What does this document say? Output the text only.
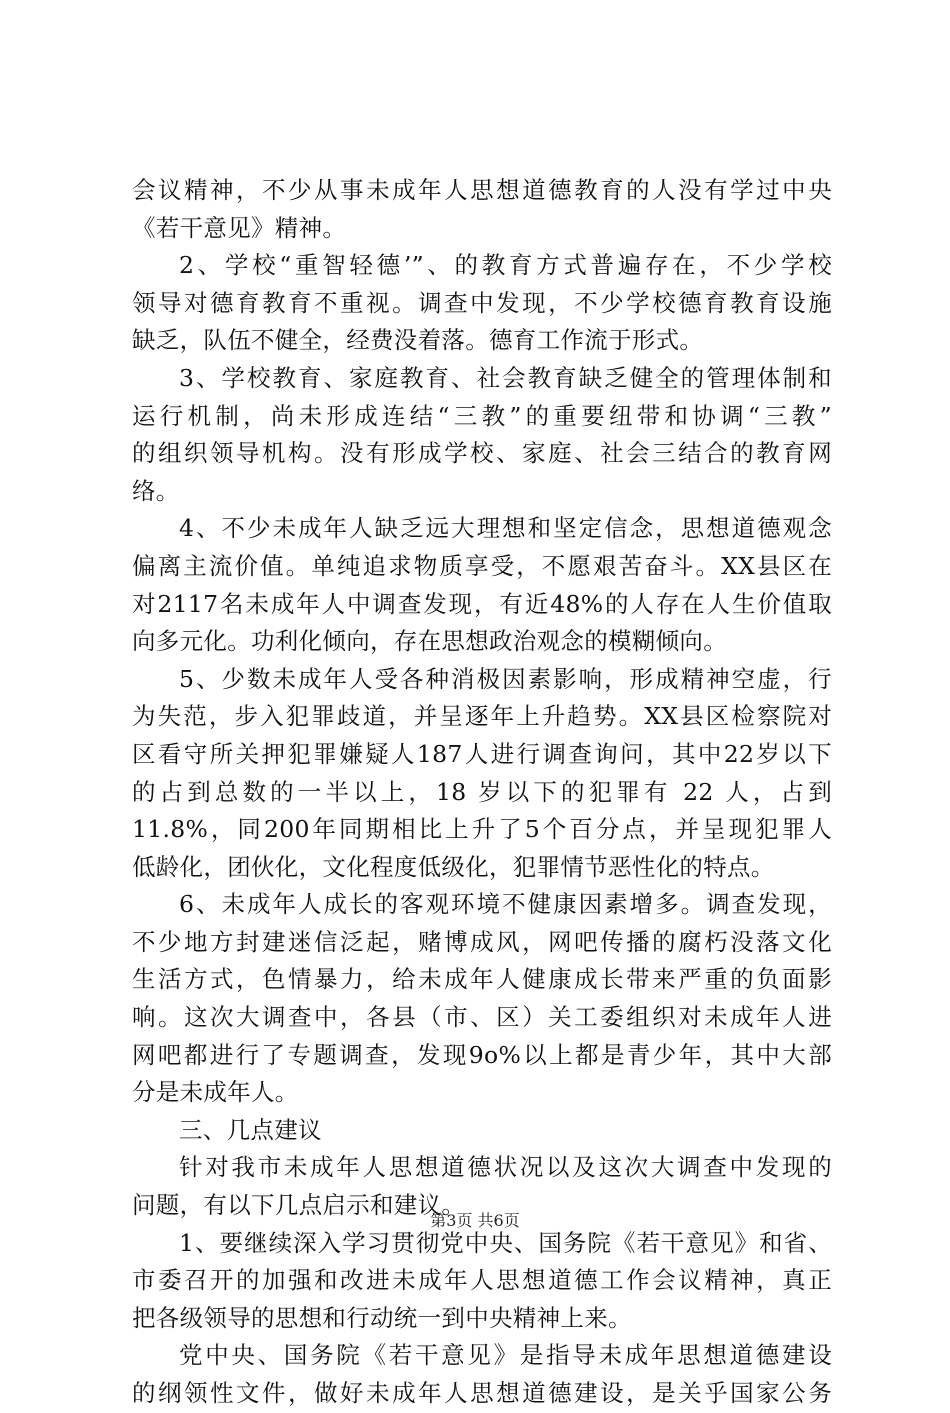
会议精神，不少从事未成年人思想道德教育的人没有学过中央
《若干意见》精神。
2、学校“重智轻德’”、的教育方式普遍存在，不少学校
领导对德育教育不重视。调查中发现，不少学校德育教育设施
缺乏，队伍不健全，经费没着落。德育工作流于形式。
3、学校教育、家庭教育、社会教育缺乏健全的管理体制和
运行机制，尚未形成连结“三教”的重要纽带和协调“三教”
的组织领导机构。没有形成学校、家庭、社会三结合的教育网
络。
4、不少未成年人缺乏远大理想和坚定信念，思想道德观念
偏离主流价值。单纯追求物质享受，不愿艰苦奋斗。XX县区在
对2117名未成年人中调查发现，有近48%的人存在人生价值取
向多元化。功利化倾向，存在思想政治观念的模糊倾向。
5、少数未成年人受各种消极因素影响，形成精神空虚，行
为失范，步入犯罪歧道，并呈逐年上升趋势。XX县区检察院对
区看守所关押犯罪嫌疑人187人进行调查询问，其中22岁以下
的占到总数的一半以上，18 岁以下的犯罪有 22 人，占到
11.8%，同200年同期相比上升了5个百分点，并呈现犯罪人
低龄化，团伙化，文化程度低级化，犯罪情节恶性化的特点。
6、未成年人成长的客观环境不健康因素增多。调查发现，
不少地方封建迷信泛起，赌博成风，网吧传播的腐朽没落文化
生活方式，色情暴力，给未成年人健康成长带来严重的负面影
响。这次大调查中，各县（市、区）关工委组织对未成年人进
网吧都进行了专题调查，发现9o%以上都是青少年，其中大部
分是未成年人。
三、几点建议
针对我市未成年人思想道德状况以及这次大调查中发现的
问题，有以下几点启示和建议。
1、要继续深入学习贯彻党中央、国务院《若干意见》和省、
市委召开的加强和改进未成年人思想道德工作会议精神，真正
把各级领导的思想和行动统一到中央精神上来。
党中央、国务院《若干意见》是指导未成年思想道德建设
的纲领性文件，做好未成年人思想道德建设，是关乎国家公务
第3页 共6页
